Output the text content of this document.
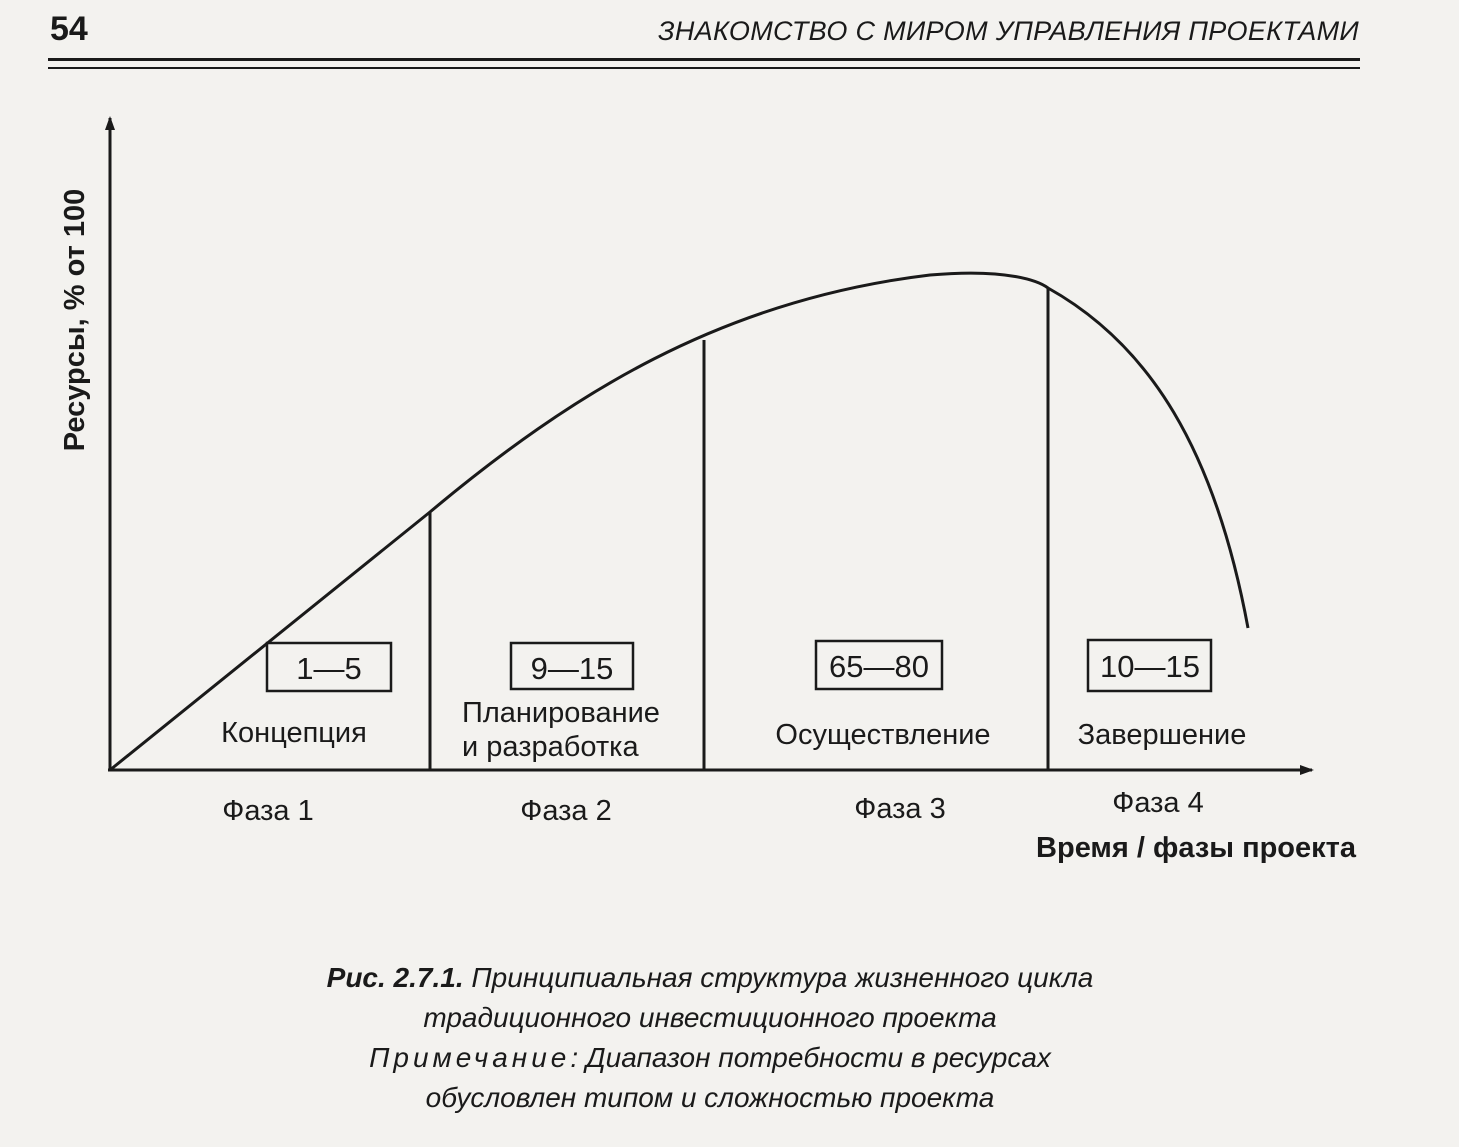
54	ЗНАКОМСТВО С МИРОМ УПРАВЛЕНИЯ ПРОЕКТАМИ
Ресурсы, % от 100
1—5	9—15	65—80	10—15
Концепция
Планирование
и разработка	Осуществление	Завершение
Фаза 1	Фаза 2	Фаза 3	Фаза 4
Время / фазы проекта
Рис. 2.7.1. Принципиальная структура жизненного цикла
традиционного инвестиционного проекта
Примечание: Диапазон потребности в ресурсах
обусловлен типом и сложностью проекта
